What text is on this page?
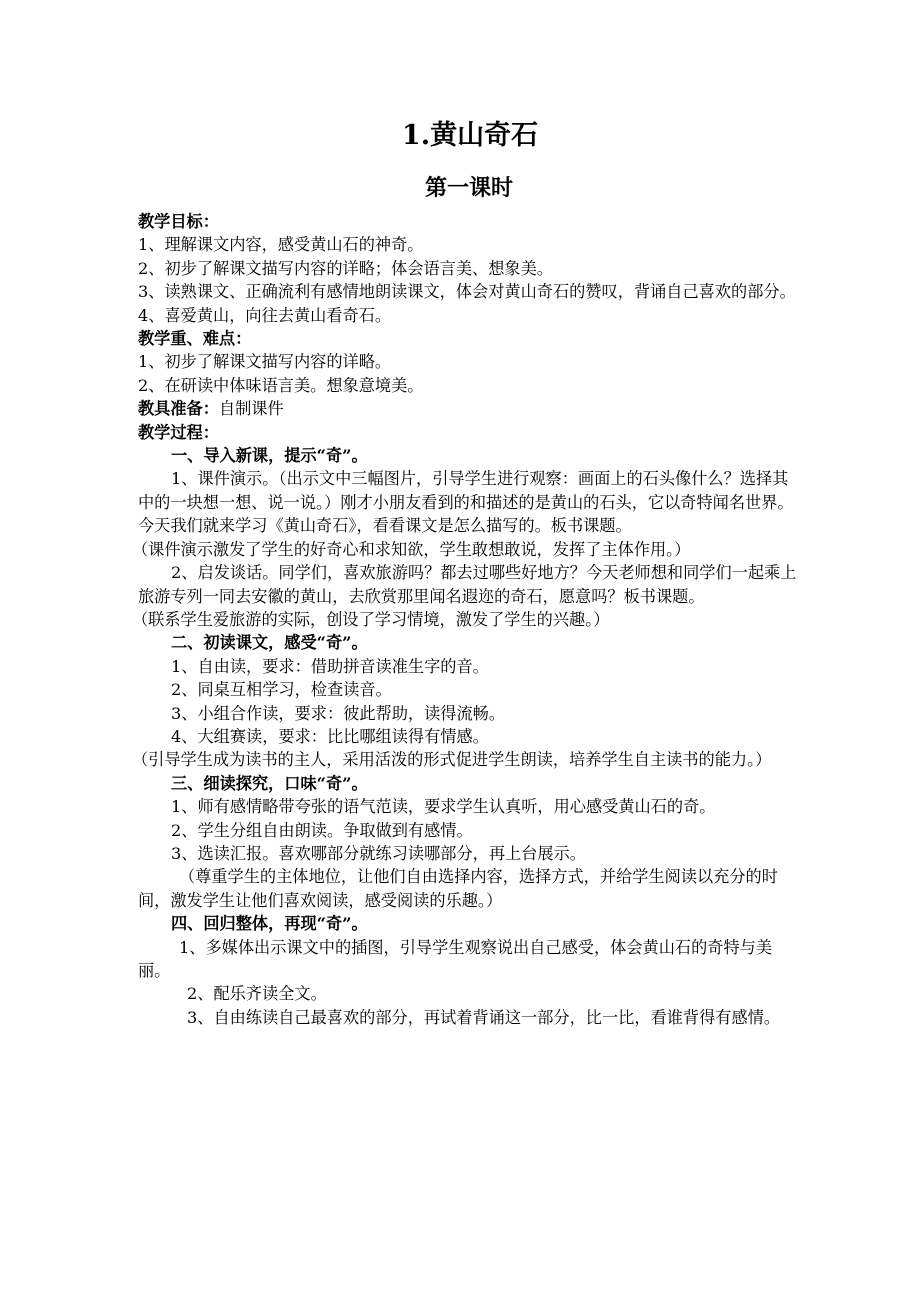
1.黄山奇石
第一课时

教学目标：

1、理解课文内容，感受黄山石的神奇。

2、初步了解课文描写内容的详略；体会语言美、想象美。

3、读熟课文、正确流利有感情地朗读课文，体会对黄山奇石的赞叹，背诵自己喜欢的部分。

4、喜爱黄山，向往去黄山看奇石。

教学重、难点：

1、初步了解课文描写内容的详略。

2、在研读中体味语言美。想象意境美。

教具准备：自制课件

教学过程：

一、导入新课，提示“奇”。

1、课件演示。（出示文中三幅图片，引导学生进行观察：画面上的石头像什么？选择其中的一块想一想、说一说。）刚才小朋友看到的和描述的是黄山的石头，它以奇特闻名世界。今天我们就来学习《黄山奇石》，看看课文是怎么描写的。板书课题。

（课件演示激发了学生的好奇心和求知欲，学生敢想敢说，发挥了主体作用。）

2、启发谈话。同学们，喜欢旅游吗？都去过哪些好地方？今天老师想和同学们一起乘上旅游专列一同去安徽的黄山，去欣赏那里闻名遐迩的奇石，愿意吗？板书课题。

（联系学生爱旅游的实际，创设了学习情境，激发了学生的兴趣。）

二、初读课文，感受“奇”。

1、自由读，要求：借助拼音读准生字的音。

2、同桌互相学习，检查读音。

3、小组合作读，要求：彼此帮助，读得流畅。

4、大组赛读，要求：比比哪组读得有情感。

（引导学生成为读书的主人，采用活泼的形式促进学生朗读，培养学生自主读书的能力。）

三、细读探究，口味“奇”。

1、师有感情略带夸张的语气范读，要求学生认真听，用心感受黄山石的奇。

2、学生分组自由朗读。争取做到有感情。

3、选读汇报。喜欢哪部分就练习读哪部分，再上台展示。

（尊重学生的主体地位，让他们自由选择内容，选择方式，并给学生阅读以充分的时间，激发学生让他们喜欢阅读，感受阅读的乐趣。）

四、回归整体，再现“奇”。

1、多媒体出示课文中的插图，引导学生观察说出自己感受，体会黄山石的奇特与美丽。

2、配乐齐读全文。

3、自由练读自己最喜欢的部分，再试着背诵这一部分，比一比，看谁背得有感情。
